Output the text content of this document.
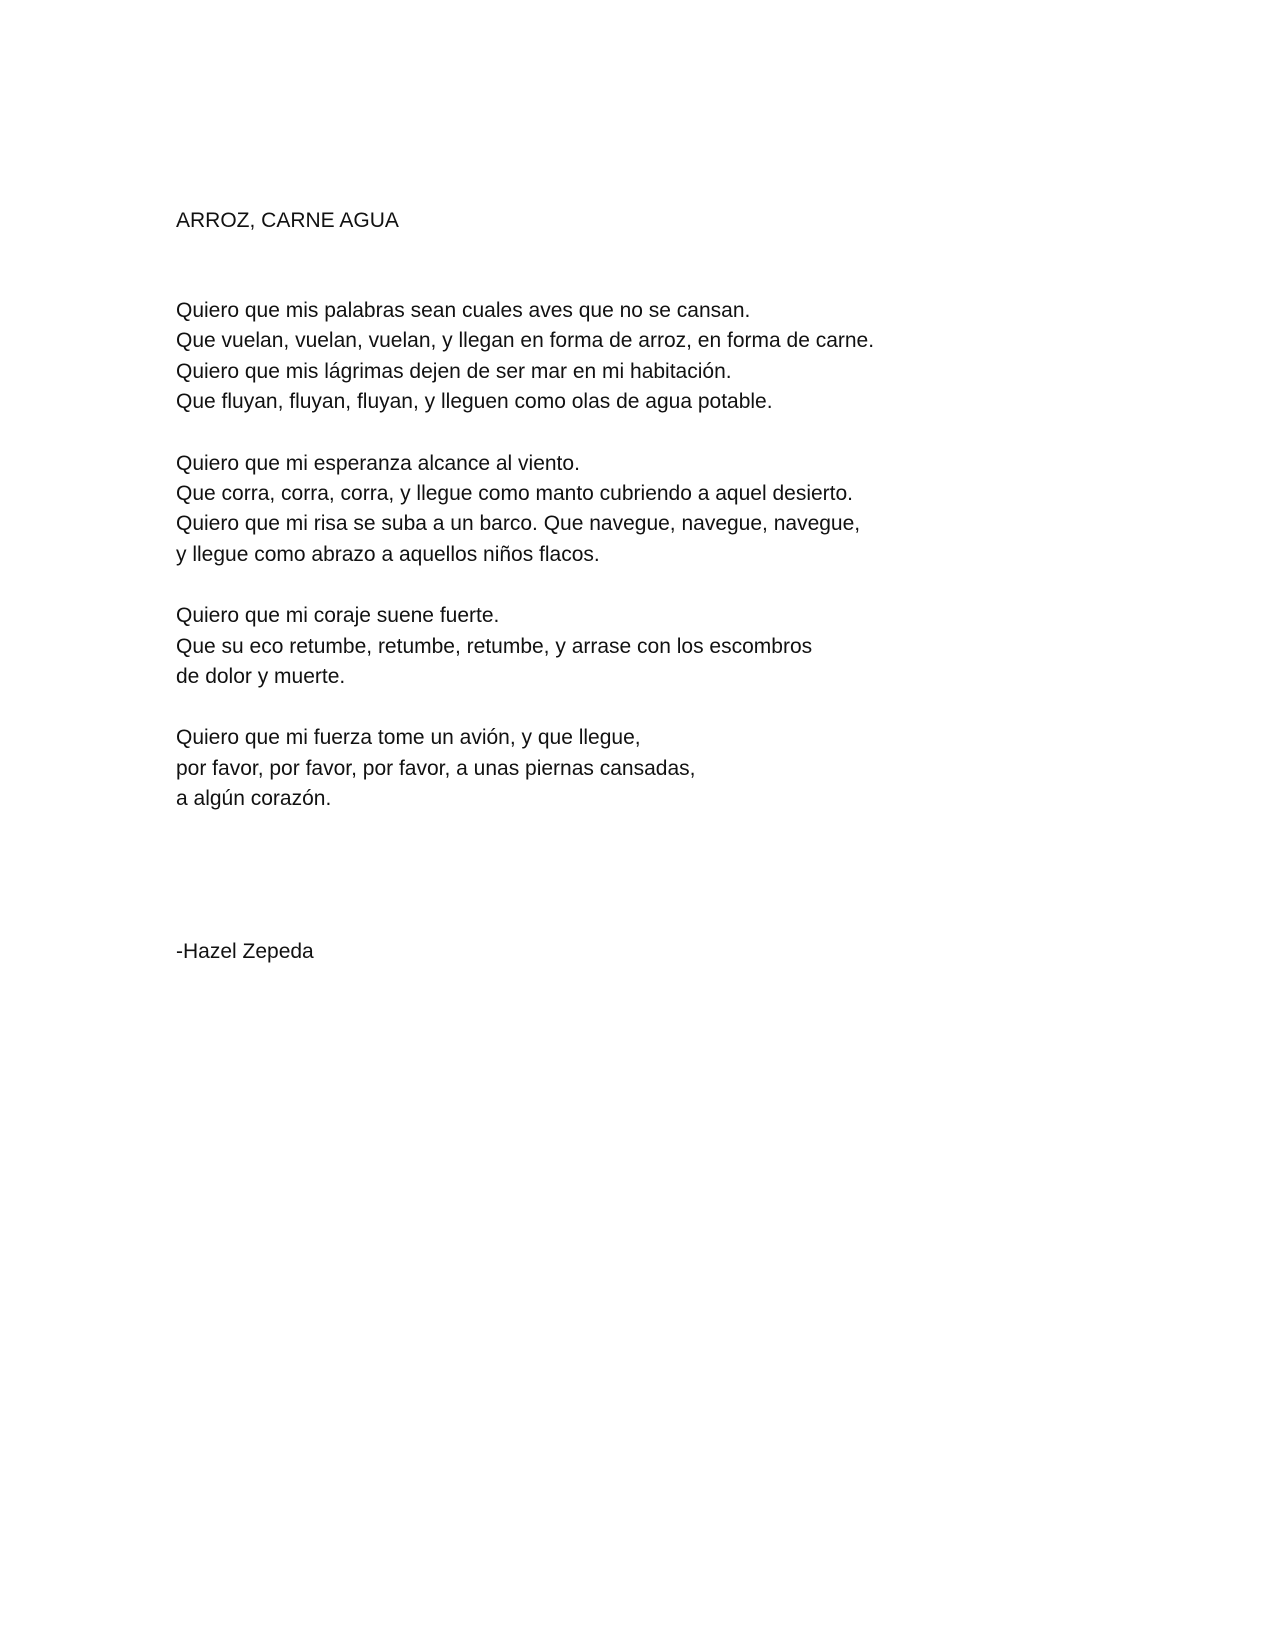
ARROZ, CARNE AGUA
Quiero que mis palabras sean cuales aves que no se cansan.
Que vuelan, vuelan, vuelan, y llegan en forma de arroz, en forma de carne.
Quiero que mis lágrimas dejen de ser mar en mi habitación.
Que fluyan, fluyan, fluyan, y lleguen como olas de agua potable.
Quiero que mi esperanza alcance al viento.
Que corra, corra, corra, y llegue como manto cubriendo a aquel desierto.
Quiero que mi risa se suba a un barco. Que navegue, navegue, navegue,
y llegue como abrazo a aquellos niños flacos.
Quiero que mi coraje suene fuerte.
Que su eco retumbe, retumbe, retumbe, y arrase con los escombros
de dolor y muerte.
Quiero que mi fuerza tome un avión, y que llegue,
por favor, por favor, por favor, a unas piernas cansadas,
a algún corazón.
-Hazel Zepeda
